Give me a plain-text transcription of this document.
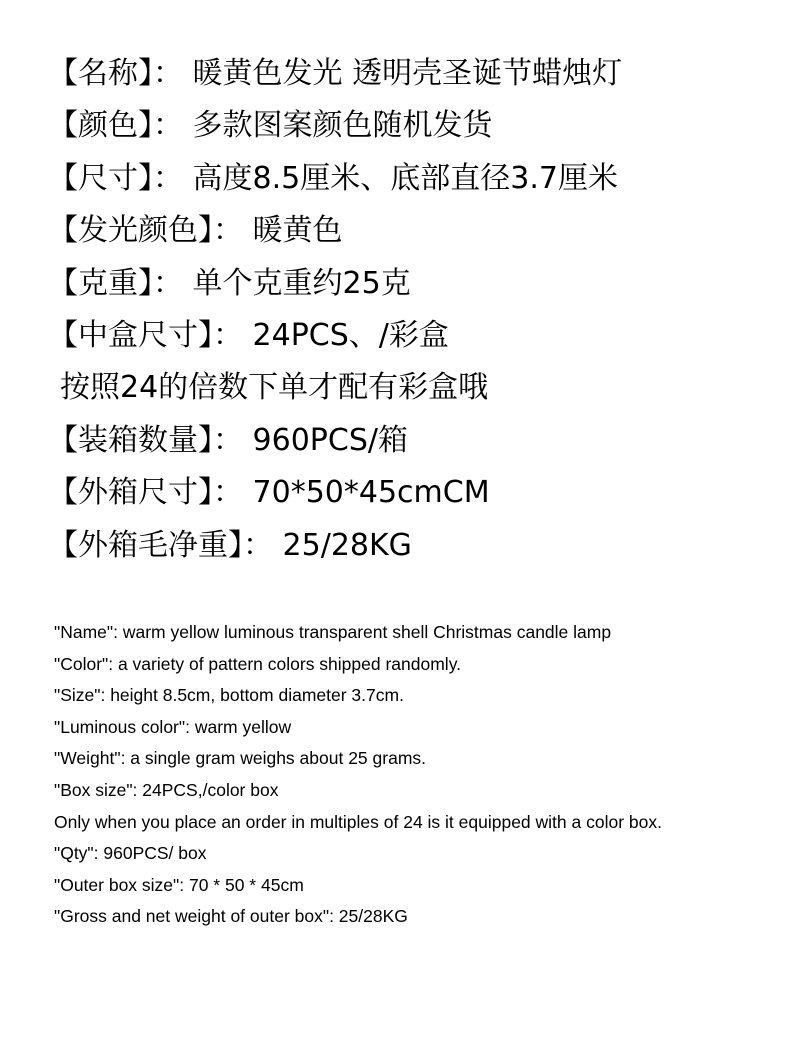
【名称】： 暖黄色发光 透明壳圣诞节蜡烛灯
【颜色】： 多款图案颜色随机发货
【尺寸】： 高度8.5厘米、底部直径3.7厘米
【发光颜色】： 暖黄色
【克重】： 单个克重约25克
【中盒尺寸】： 24PCS、/彩盒
按照24的倍数下单才配有彩盒哦
【装箱数量】： 960PCS/箱
【外箱尺寸】： 70*50*45cmCM
【外箱毛净重】： 25/28KG
"Name": warm yellow luminous transparent shell Christmas candle lamp
"Color": a variety of pattern colors shipped randomly.
"Size": height 8.5cm, bottom diameter 3.7cm.
"Luminous color": warm yellow
"Weight": a single gram weighs about 25 grams.
"Box size": 24PCS,/color box
Only when you place an order in multiples of 24 is it equipped with a color box.
"Qty": 960PCS/ box
"Outer box size": 70 * 50 * 45cm
"Gross and net weight of outer box": 25/28KG
